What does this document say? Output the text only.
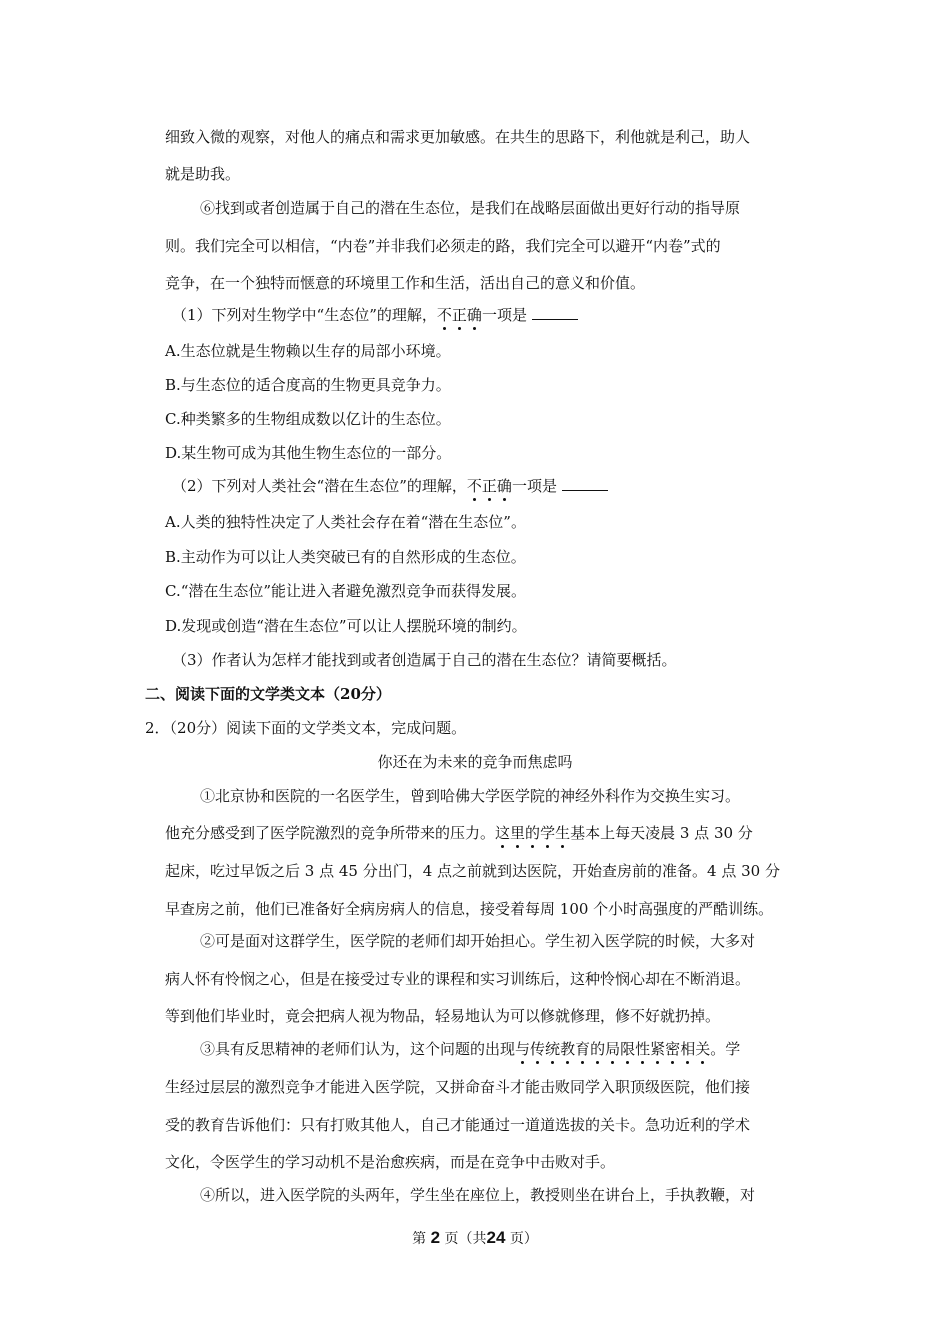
细致入微的观察，对他人的痛点和需求更加敏感。在共生的思路下，利他就是利己，助人
就是助我。
⑥找到或者创造属于自己的潜在生态位，是我们在战略层面做出更好行动的指导原
则。我们完全可以相信，“内卷”并非我们必须走的路，我们完全可以避开“内卷”式的
竞争，在一个独特而惬意的环境里工作和生活，活出自己的意义和价值。
（1）下列对生物学中“生态位”的理解，不正确一项是
A.生态位就是生物赖以生存的局部小环境。
B.与生态位的适合度高的生物更具竞争力。
C.种类繁多的生物组成数以亿计的生态位。
D.某生物可成为其他生物生态位的一部分。
（2）下列对人类社会“潜在生态位”的理解，不正确一项是
A.人类的独特性决定了人类社会存在着“潜在生态位”。
B.主动作为可以让人类突破已有的自然形成的生态位。
C.“潜在生态位”能让进入者避免激烈竞争而获得发展。
D.发现或创造“潜在生态位”可以让人摆脱环境的制约。
（3）作者认为怎样才能找到或者创造属于自己的潜在生态位？请简要概括。
二、阅读下面的文学类文本（20分）
2．（20分）阅读下面的文学类文本，完成问题。
你还在为未来的竞争而焦虑吗
①北京协和医院的一名医学生，曾到哈佛大学医学院的神经外科作为交换生实习。
他充分感受到了医学院激烈的竞争所带来的压力。这里的学生基本上每天凌晨 3 点 30 分
起床，吃过早饭之后 3 点 45 分出门，4 点之前就到达医院，开始查房前的准备。4 点 30 分
早查房之前，他们已准备好全病房病人的信息，接受着每周 100 个小时高强度的严酷训练。
②可是面对这群学生，医学院的老师们却开始担心。学生初入医学院的时候，大多对
病人怀有怜悯之心，但是在接受过专业的课程和实习训练后，这种怜悯心却在不断消退。
等到他们毕业时，竟会把病人视为物品，轻易地认为可以修就修理，修不好就扔掉。
③具有反思精神的老师们认为，这个问题的出现与传统教育的局限性紧密相关。学
生经过层层的激烈竞争才能进入医学院，又拼命奋斗才能击败同学入职顶级医院，他们接
受的教育告诉他们：只有打败其他人，自己才能通过一道道选拔的关卡。急功近利的学术
文化，令医学生的学习动机不是治愈疾病，而是在竞争中击败对手。
④所以，进入医学院的头两年，学生坐在座位上，教授则坐在讲台上，手执教鞭，对
第 2 页（共24 页）
